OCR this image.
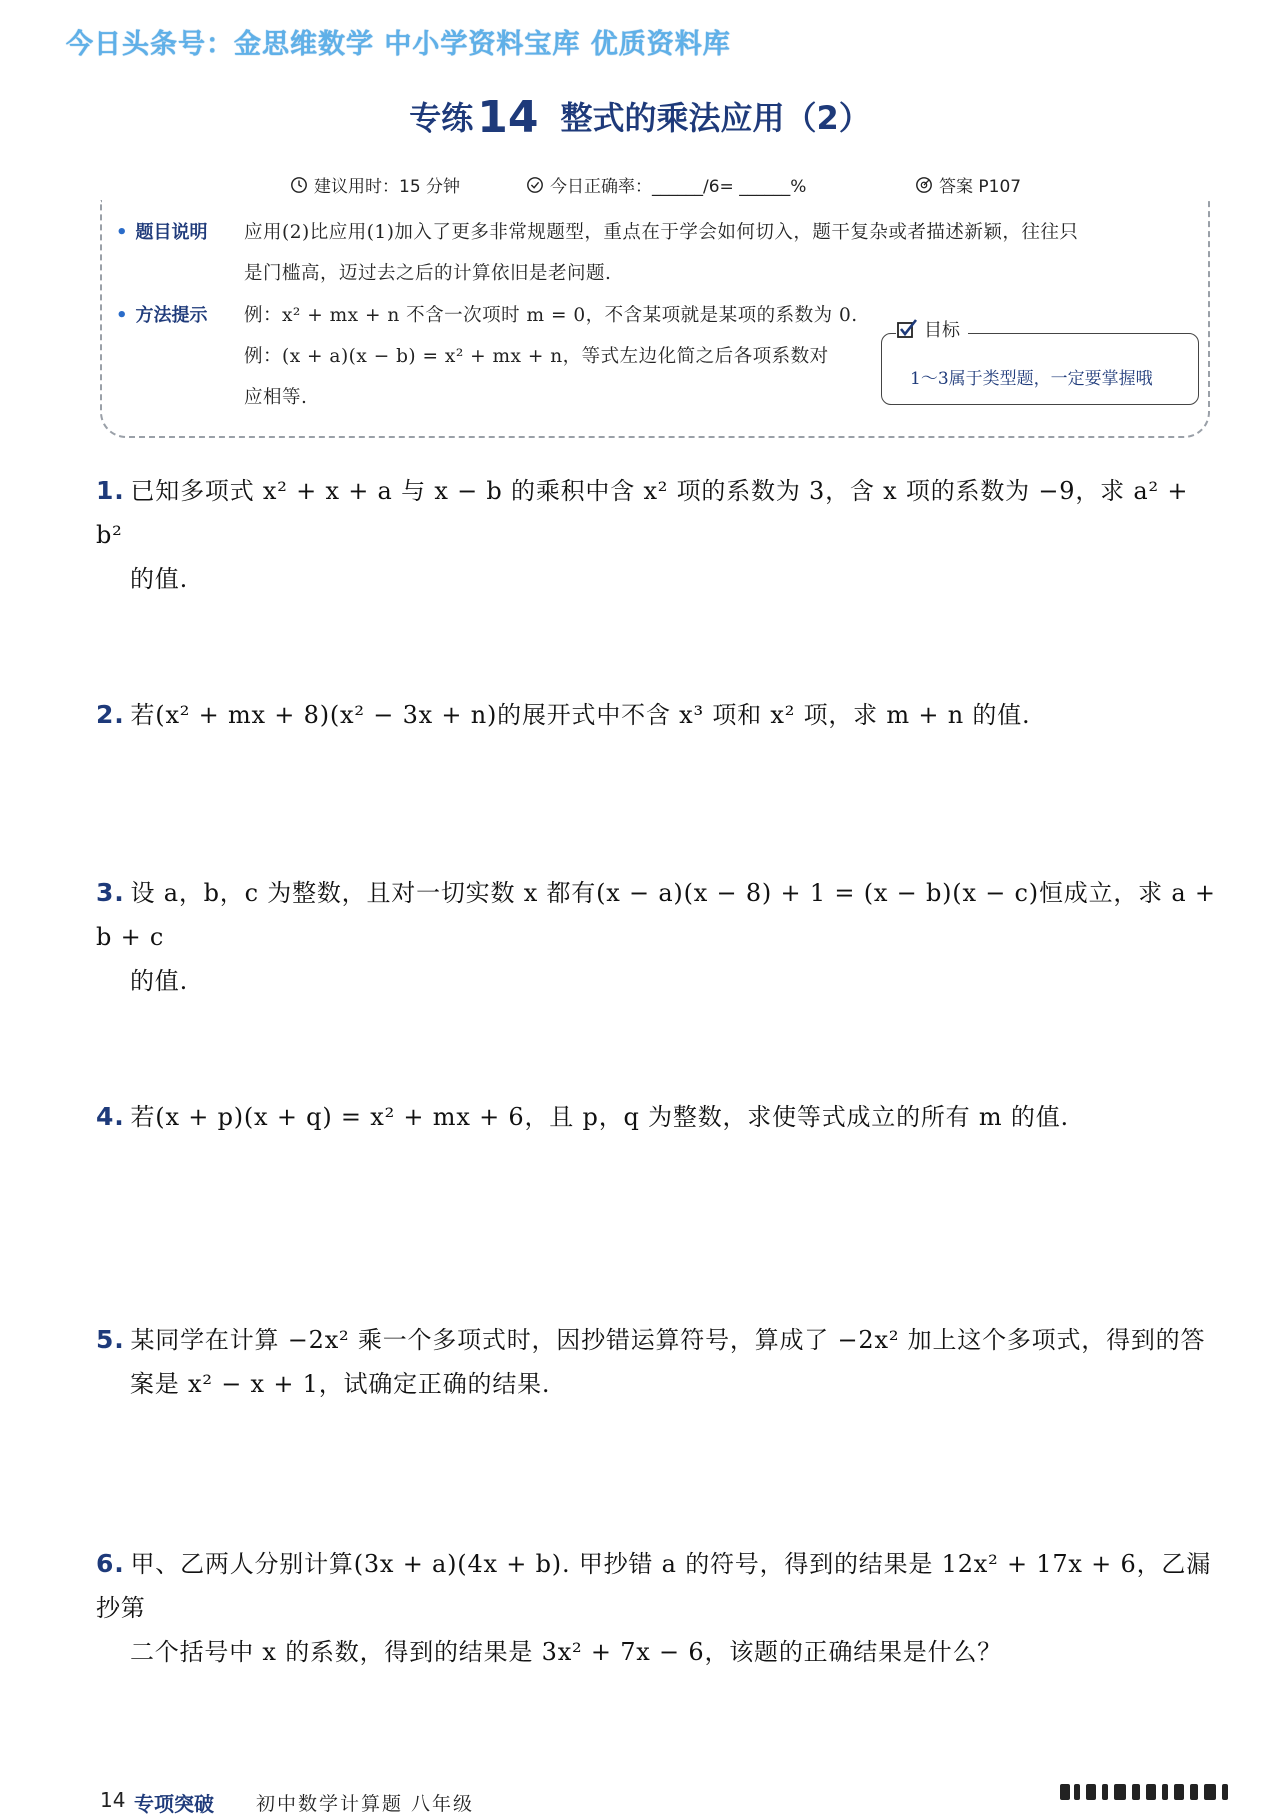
今日头条号：金思维数学 中小学资料宝库 优质资料库
专练14 整式的乘法应用（2）
建议用时：15 分钟	今日正确率：______/6= ______%	答案 P107
• 题目说明 应用(2)比应用(1)加入了更多非常规题型，重点在于学会如何切入，题干复杂或者描述新颖，往往只
是门槛高，迈过去之后的计算依旧是老问题.
• 方法提示 例：x² + mx + n 不含一次项时 m = 0，不含某项就是某项的系数为 0.
例：(x + a)(x − b) = x² + mx + n，等式左边化简之后各项系数对
应相等.
目标
1～3属于类型题，一定要掌握哦
1. 已知多项式 x² + x + a 与 x − b 的乘积中含 x² 项的系数为 3，含 x 项的系数为 −9，求 a² + b²
的值.
2. 若(x² + mx + 8)(x² − 3x + n)的展开式中不含 x³ 项和 x² 项，求 m + n 的值.
3. 设 a，b，c 为整数，且对一切实数 x 都有(x − a)(x − 8) + 1 = (x − b)(x − c)恒成立，求 a + b + c
的值.
4. 若(x + p)(x + q) = x² + mx + 6，且 p，q 为整数，求使等式成立的所有 m 的值.
5. 某同学在计算 −2x² 乘一个多项式时，因抄错运算符号，算成了 −2x² 加上这个多项式，得到的答
案是 x² − x + 1，试确定正确的结果.
6. 甲、乙两人分别计算(3x + a)(4x + b). 甲抄错 a 的符号，得到的结果是 12x² + 17x + 6，乙漏抄第
二个括号中 x 的系数，得到的结果是 3x² + 7x − 6，该题的正确结果是什么？
14 专项突破 初中数学计算题 八年级
